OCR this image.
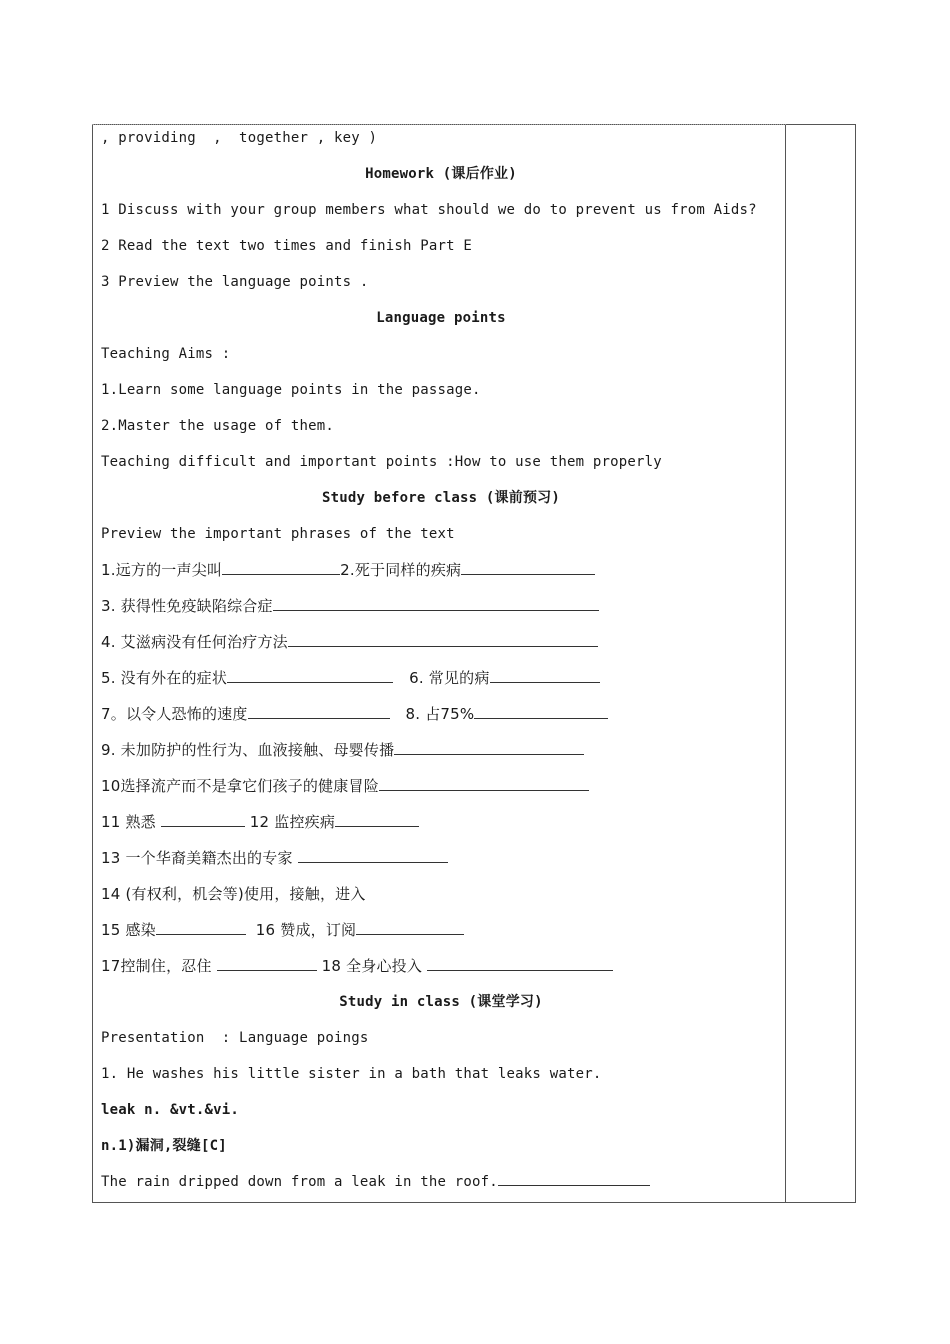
, providing  ,  together , key )
Homework (课后作业)
1 Discuss with your group members what should we do to prevent us from Aids?
2 Read the text two times and finish Part E
3 Preview the language points .
Language points
Teaching Aims :
1.Learn some language points in the passage.
2.Master the usage of them.
Teaching difficult and important points :How to use them properly
Study before class (课前预习)
Preview the important phrases of the text
1.远方的一声尖叫	2.死于同样的疾病
3. 获得性免疫缺陷综合症
4. 艾滋病没有任何治疗方法
5. 没有外在的症状	6. 常见的病
7。以令人恐怖的速度	8. 占75%
9. 未加防护的性行为、血液接触、母婴传播
10选择流产而不是拿它们孩子的健康冒险
11 熟悉	12 监控疾病
13 一个华裔美籍杰出的专家
14 (有权利，机会等)使用，接触，进入
15 感染	16 赞成，订阅
17控制住，忍住	18 全身心投入
Study in class (课堂学习)
Presentation  : Language poings
1. He washes his little sister in a bath that leaks water.
leak n. &vt.&vi.
n.1)漏洞,裂缝[C]
The rain dripped down from a leak in the roof.
